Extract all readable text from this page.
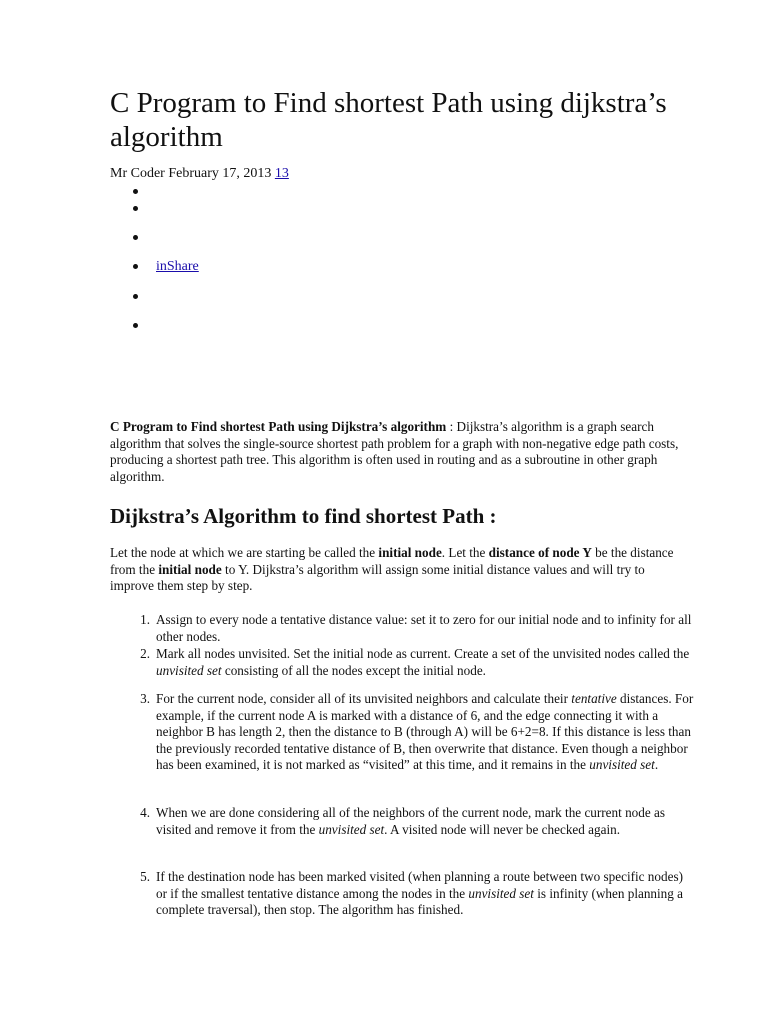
C Program to Find shortest Path using dijkstra’s algorithm
Mr Coder February 17, 2013 13
inShare

C Program to Find shortest Path using Dijkstra’s algorithm : Dijkstra’s algorithm is a graph search algorithm that solves the single-source shortest path problem for a graph with non-negative edge path costs, producing a shortest path tree. This algorithm is often used in routing and as a subroutine in other graph algorithm.

Dijkstra’s Algorithm to find shortest Path :

Let the node at which we are starting be called the initial node. Let the distance of node Y be the distance from the initial node to Y. Dijkstra’s algorithm will assign some initial distance values and will try to improve them step by step.

1. Assign to every node a tentative distance value: set it to zero for our initial node and to infinity for all other nodes.
2. Mark all nodes unvisited. Set the initial node as current. Create a set of the unvisited nodes called the unvisited set consisting of all the nodes except the initial node.
3. For the current node, consider all of its unvisited neighbors and calculate their tentative distances. For example, if the current node A is marked with a distance of 6, and the edge connecting it with a neighbor B has length 2, then the distance to B (through A) will be 6+2=8. If this distance is less than the previously recorded tentative distance of B, then overwrite that distance. Even though a neighbor has been examined, it is not marked as “visited” at this time, and it remains in the unvisited set.
4. When we are done considering all of the neighbors of the current node, mark the current node as visited and remove it from the unvisited set. A visited node will never be checked again.
5. If the destination node has been marked visited (when planning a route between two specific nodes) or if the smallest tentative distance among the nodes in the unvisited set is infinity (when planning a complete traversal), then stop. The algorithm has finished.
